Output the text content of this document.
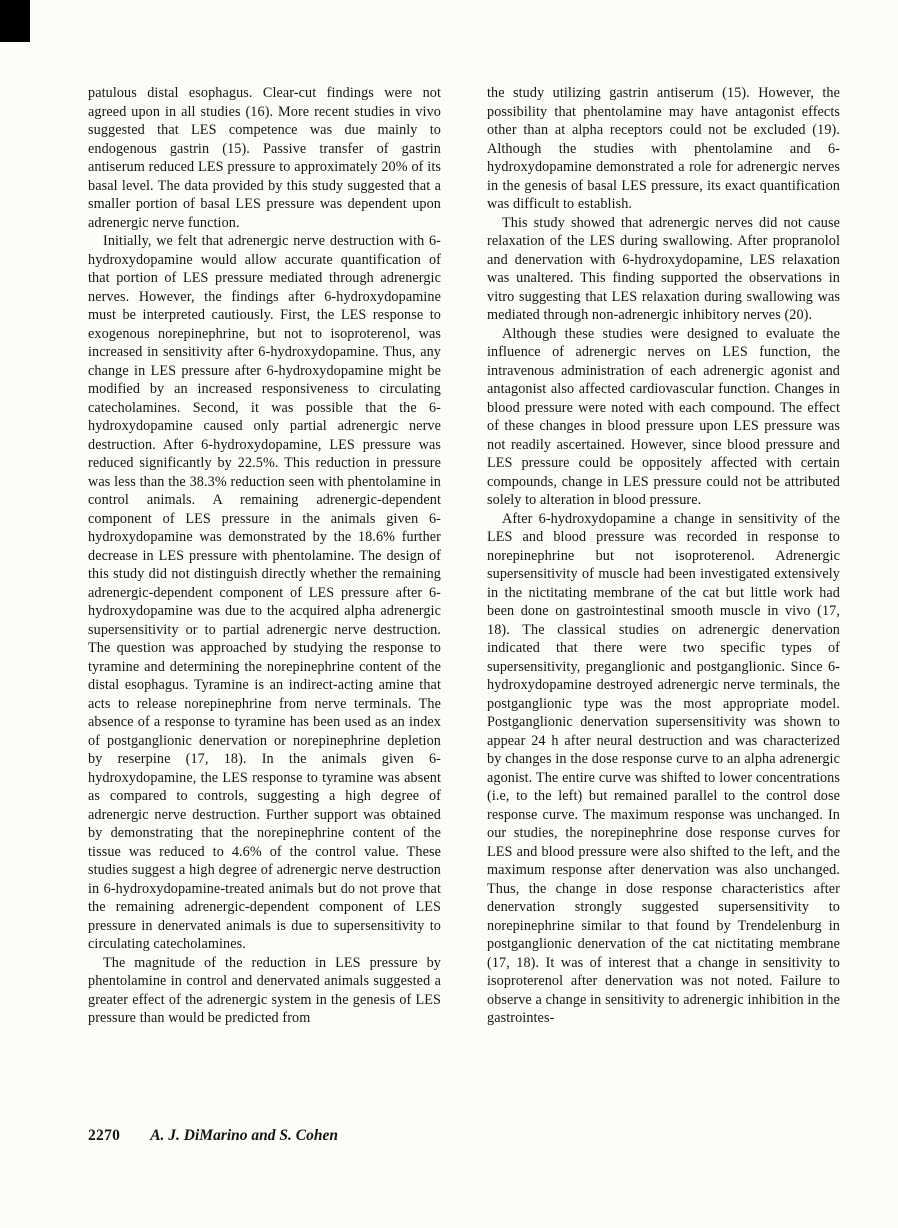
patulous distal esophagus. Clear-cut findings were not agreed upon in all studies (16). More recent studies in vivo suggested that LES competence was due mainly to endogenous gastrin (15). Passive transfer of gastrin antiserum reduced LES pressure to approximately 20% of its basal level. The data provided by this study suggested that a smaller portion of basal LES pressure was dependent upon adrenergic nerve function.

Initially, we felt that adrenergic nerve destruction with 6-hydroxydopamine would allow accurate quantification of that portion of LES pressure mediated through adrenergic nerves. However, the findings after 6-hydroxydopamine must be interpreted cautiously. First, the LES response to exogenous norepinephrine, but not to isoproterenol, was increased in sensitivity after 6-hydroxydopamine. Thus, any change in LES pressure after 6-hydroxydopamine might be modified by an increased responsiveness to circulating catecholamines. Second, it was possible that the 6-hydroxydopamine caused only partial adrenergic nerve destruction. After 6-hydroxydopamine, LES pressure was reduced significantly by 22.5%. This reduction in pressure was less than the 38.3% reduction seen with phentolamine in control animals. A remaining adrenergic-dependent component of LES pressure in the animals given 6-hydroxydopamine was demonstrated by the 18.6% further decrease in LES pressure with phentolamine. The design of this study did not distinguish directly whether the remaining adrenergic-dependent component of LES pressure after 6-hydroxydopamine was due to the acquired alpha adrenergic supersensitivity or to partial adrenergic nerve destruction. The question was approached by studying the response to tyramine and determining the norepinephrine content of the distal esophagus. Tyramine is an indirect-acting amine that acts to release norepinephrine from nerve terminals. The absence of a response to tyramine has been used as an index of postganglionic denervation or norepinephrine depletion by reserpine (17, 18). In the animals given 6-hydroxydopamine, the LES response to tyramine was absent as compared to controls, suggesting a high degree of adrenergic nerve destruction. Further support was obtained by demonstrating that the norepinephrine content of the tissue was reduced to 4.6% of the control value. These studies suggest a high degree of adrenergic nerve destruction in 6-hydroxydopamine-treated animals but do not prove that the remaining adrenergic-dependent component of LES pressure in denervated animals is due to supersensitivity to circulating catecholamines.

The magnitude of the reduction in LES pressure by phentolamine in control and denervated animals suggested a greater effect of the adrenergic system in the genesis of LES pressure than would be predicted from

the study utilizing gastrin antiserum (15). However, the possibility that phentolamine may have antagonist effects other than at alpha receptors could not be excluded (19). Although the studies with phentolamine and 6-hydroxydopamine demonstrated a role for adrenergic nerves in the genesis of basal LES pressure, its exact quantification was difficult to establish.

This study showed that adrenergic nerves did not cause relaxation of the LES during swallowing. After propranolol and denervation with 6-hydroxydopamine, LES relaxation was unaltered. This finding supported the observations in vitro suggesting that LES relaxation during swallowing was mediated through non-adrenergic inhibitory nerves (20).

Although these studies were designed to evaluate the influence of adrenergic nerves on LES function, the intravenous administration of each adrenergic agonist and antagonist also affected cardiovascular function. Changes in blood pressure were noted with each compound. The effect of these changes in blood pressure upon LES pressure was not readily ascertained. However, since blood pressure and LES pressure could be oppositely affected with certain compounds, change in LES pressure could not be attributed solely to alteration in blood pressure.

After 6-hydroxydopamine a change in sensitivity of the LES and blood pressure was recorded in response to norepinephrine but not isoproterenol. Adrenergic supersensitivity of muscle had been investigated extensively in the nictitating membrane of the cat but little work had been done on gastrointestinal smooth muscle in vivo (17, 18). The classical studies on adrenergic denervation indicated that there were two specific types of supersensitivity, preganglionic and postganglionic. Since 6-hydroxydopamine destroyed adrenergic nerve terminals, the postganglionic type was the most appropriate model. Postganglionic denervation supersensitivity was shown to appear 24 h after neural destruction and was characterized by changes in the dose response curve to an alpha adrenergic agonist. The entire curve was shifted to lower concentrations (i.e, to the left) but remained parallel to the control dose response curve. The maximum response was unchanged. In our studies, the norepinephrine dose response curves for LES and blood pressure were also shifted to the left, and the maximum response after denervation was also unchanged. Thus, the change in dose response characteristics after denervation strongly suggested supersensitivity to norepinephrine similar to that found by Trendelenburg in postganglionic denervation of the cat nictitating membrane (17, 18). It was of interest that a change in sensitivity to isoproterenol after denervation was not noted. Failure to observe a change in sensitivity to adrenergic inhibition in the gastrointes-

2270 A. J. DiMarino and S. Cohen
